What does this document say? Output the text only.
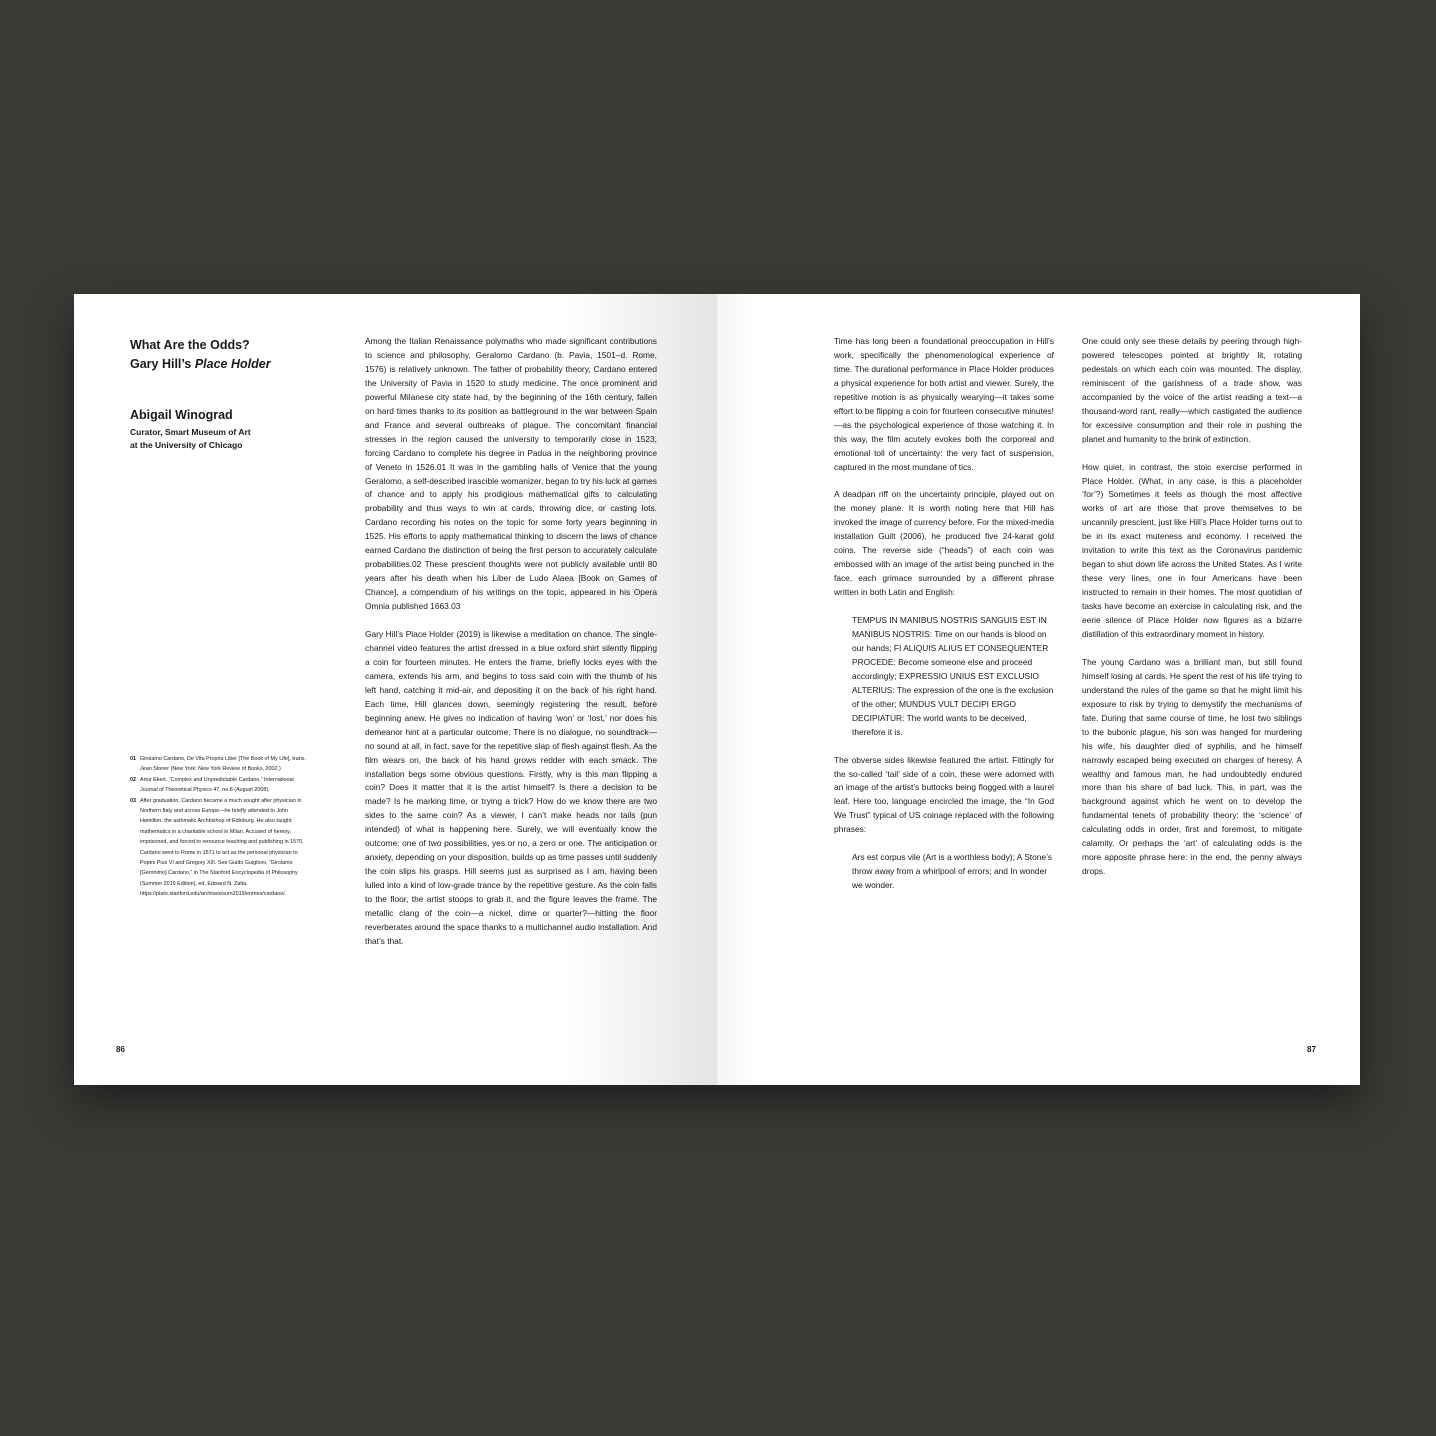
What Are the Odds?
Gary Hill’s Place Holder

Abigail Winograd

Curator, Smart Museum of Art
at the University of Chicago

01 Girolamo Cardano, De Vita Propria Liber [The Book of My Life], trans. Jean Stoner (New York: New York Review of Books, 2002.)
02 Artur Ekert. “Complex and Unpredictable Cardano,” International Journal of Theoretical Physics 47, no.8 (August 2008).
03 After graduation, Cardano became a much sought after physician in Northern Italy and across Europe—he briefly attended to John Hamilton, the asthmatic Archbishop of Edinburg. He also taught mathematics in a charitable school in Milan. Accused of heresy, imprisoned, and forced to renounce teaching and publishing in 1570, Cardano went to Rome in 1571 to act as the personal physician to Popes Pius VI and Gregory XIII. See Guido Guiglioni, “Girolamo [Geronimo] Cardano,” in The Stanford Encyclopedia of Philosophy (Summer 2019 Edition), ed. Edward N. Zalta, https://plato.stanford.edu/archives/sum2019/entries/cardano/.

Among the Italian Renaissance polymaths who made significant contributions to science and philosophy, Geralomo Cardano (b. Pavia, 1501–d. Rome, 1576) is relatively unknown. The father of probability theory, Cardano entered the University of Pavia in 1520 to study medicine. The once prominent and powerful Milanese city state had, by the beginning of the 16th century, fallen on hard times thanks to its position as battleground in the war between Spain and France and several outbreaks of plague. The concomitant financial stresses in the region caused the university to temporarily close in 1523, forcing Cardano to complete his degree in Padua in the neighboring province of Veneto in 1526.01 It was in the gambling halls of Venice that the young Geralomo, a self-described irascible womanizer, began to try his luck at games of chance and to apply his prodigious mathematical gifts to calculating probability and thus ways to win at cards, throwing dice, or casting lots. Cardano recording his notes on the topic for some forty years beginning in 1525. His efforts to apply mathematical thinking to discern the laws of chance earned Cardano the distinction of being the first person to accurately calculate probabilities.02 These prescient thoughts were not publicly available until 80 years after his death when his Liber de Ludo Alaea [Book on Games of Chance], a compendium of his writings on the topic, appeared in his Opera Omnia published 1663.03

Gary Hill’s Place Holder (2019) is likewise a meditation on chance. The single-channel video features the artist dressed in a blue oxford shirt silently flipping a coin for fourteen minutes. He enters the frame, briefly locks eyes with the camera, extends his arm, and begins to toss said coin with the thumb of his left hand, catching it mid-air, and depositing it on the back of his right hand. Each time, Hill glances down, seemingly registering the result, before beginning anew. He gives no indication of having ‘won’ or ‘lost,’ nor does his demeanor hint at a particular outcome. There is no dialogue, no soundtrack—no sound at all, in fact, save for the repetitive slap of flesh against flesh. As the film wears on, the back of his hand grows redder with each smack. The installation begs some obvious questions. Firstly, why is this man flipping a coin? Does it matter that it is the artist himself? Is there a decision to be made? Is he marking time, or trying a trick? How do we know there are two sides to the same coin? As a viewer, I can’t make heads nor tails (pun intended) of what is happening here. Surely, we will eventually know the outcome: one of two possibilities, yes or no, a zero or one. The anticipation or anxiety, depending on your disposition, builds up as time passes until suddenly the coin slips his grasps. Hill seems just as surprised as I am, having been lulled into a kind of low-grade trance by the repetitive gesture. As the coin falls to the floor, the artist stoops to grab it, and the figure leaves the frame. The metallic clang of the coin—a nickel, dime or quarter?—hitting the floor reverberates around the space thanks to a multichannel audio installation. And that’s that.

86

Time has long been a foundational preoccupation in Hill’s work, specifically the phenomenological experience of time. The durational performance in Place Holder produces a physical experience for both artist and viewer. Surely, the repetitive motion is as physically wearying—it takes some effort to be flipping a coin for fourteen consecutive minutes!—as the psychological experience of those watching it. In this way, the film acutely evokes both the corporeal and emotional toll of uncertainty: the very fact of suspension, captured in the most mundane of tics.

A deadpan riff on the uncertainty principle, played out on the money plane. It is worth noting here that Hill has invoked the image of currency before. For the mixed-media installation Guilt (2006), he produced five 24-karat gold coins. The reverse side (“heads”) of each coin was embossed with an image of the artist being punched in the face, each grimace surrounded by a different phrase written in both Latin and English:

TEMPUS IN MANIBUS NOSTRIS SANGUIS EST IN MANIBUS NOSTRIS: Time on our hands is blood on our hands; FI ALIQUIS ALIUS ET CONSEQUENTER PROCEDE: Become someone else and proceed accordingly; EXPRESSIO UNIUS EST EXCLUSIO ALTERIUS: The expression of the one is the exclusion of the other; MUNDUS VULT DECIPI ERGO DECIPIATUR: The world wants to be deceived, therefore it is.

The obverse sides likewise featured the artist. Fittingly for the so-called ‘tail’ side of a coin, these were adorned with an image of the artist’s buttocks being flogged with a laurel leaf. Here too, language encircled the image, the “In God We Trust” typical of US coinage replaced with the following phrases:

Ars est corpus vile (Art is a worthless body); A Stone’s throw away from a whirlpool of errors; and In wonder we wonder.

One could only see these details by peering through high-powered telescopes pointed at brightly lit, rotating pedestals on which each coin was mounted. The display, reminiscent of the garishness of a trade show, was accompanied by the voice of the artist reading a text—a thousand-word rant, really—which castigated the audience for excessive consumption and their role in pushing the planet and humanity to the brink of extinction.

How quiet, in contrast, the stoic exercise performed in Place Holder. (What, in any case, is this a placeholder ‘for’?) Sometimes it feels as though the most affective works of art are those that prove themselves to be uncannily prescient, just like Hill’s Place Holder turns out to be in its exact muteness and economy. I received the invitation to write this text as the Coronavirus pandemic began to shut down life across the United States. As I write these very lines, one in four Americans have been instructed to remain in their homes. The most quotidian of tasks have become an exercise in calculating risk, and the eerie silence of Place Holder now figures as a bizarre distillation of this extraordinary moment in history.

The young Cardano was a brilliant man, but still found himself losing at cards. He spent the rest of his life trying to understand the rules of the game so that he might limit his exposure to risk by trying to demystify the mechanisms of fate. During that same course of time, he lost two siblings to the bubonic plague, his son was hanged for murdering his wife, his daughter died of syphilis, and he himself narrowly escaped being executed on charges of heresy. A wealthy and famous man, he had undoubtedly endured more than his share of bad luck. This, in part, was the background against which he went on to develop the fundamental tenets of probability theory: the ‘science’ of calculating odds in order, first and foremost, to mitigate calamity. Or perhaps the ‘art’ of calculating odds is the more apposite phrase here: in the end, the penny always drops.

87
